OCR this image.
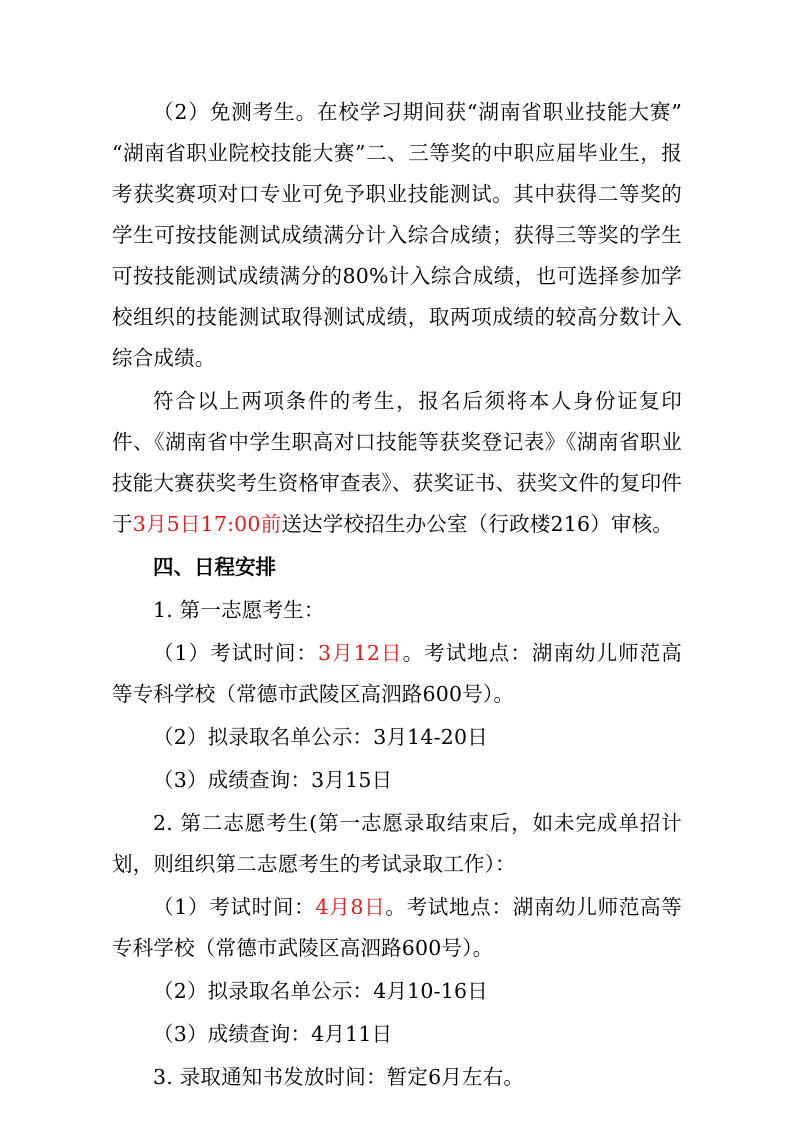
（2）免测考生。在校学习期间获“湖南省职业技能大赛”“湖南省职业院校技能大赛”二、三等奖的中职应届毕业生，报考获奖赛项对口专业可免予职业技能测试。其中获得二等奖的学生可按技能测试成绩满分计入综合成绩；获得三等奖的学生可按技能测试成绩满分的80%计入综合成绩，也可选择参加学校组织的技能测试取得测试成绩，取两项成绩的较高分数计入综合成绩。

符合以上两项条件的考生，报名后须将本人身份证复印件、《湖南省中学生职高对口技能等获奖登记表》《湖南省职业技能大赛获奖考生资格审查表》、获奖证书、获奖文件的复印件于3月5日17:00前送达学校招生办公室（行政楼216）审核。

四、日程安排

1. 第一志愿考生：

（1）考试时间：3月12日。考试地点：湖南幼儿师范高等专科学校（常德市武陵区高泗路600号）。

（2）拟录取名单公示：3月14-20日

（3）成绩查询：3月15日

2. 第二志愿考生(第一志愿录取结束后，如未完成单招计划，则组织第二志愿考生的考试录取工作）：

（1）考试时间：4月8日。考试地点：湖南幼儿师范高等专科学校（常德市武陵区高泗路600号）。

（2）拟录取名单公示：4月10-16日

（3）成绩查询：4月11日

3. 录取通知书发放时间：暂定6月左右。
